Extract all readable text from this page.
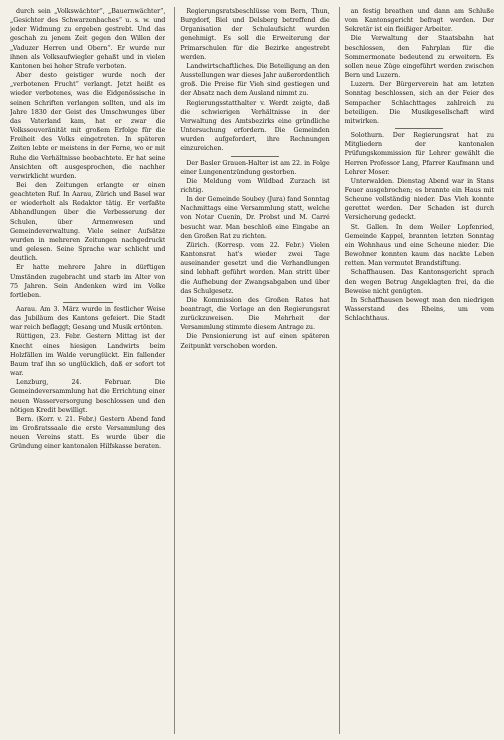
durch sein „Volkswächter“, „Bauernwächter“, „Gesichter des Schwarzenbaches“ u. s. w. und jeder Widmung zu ergeben gestrebt. Und das geschah zu jenem Zeit gegen den Willen der „Vaduzer Herren und Obern“. Er wurde nur ihnen als Volksaufwiegler gehaßt und in vielen Kantonen bei hoher Strafe verboten.

Aber desto geistiger wurde noch der „verbotenen Frucht“ verlangt. Jetzt heißt es wieder verbotenes, was die Eidgenössische in seinen Schriften verlangen sollten, und als im Jahre 1830 der Geist des Umschwunges über das Vaterland kam, hat er zwar die Volkssouveränität mit großem Erfolge für die Freiheit des Volks eingetreten. In späteren Zeiten lebte er meistens in der Ferne, wo er mit Ruhe die Verhältnisse beobachtete. Er hat seine Ansichten oft ausgesprochen, die nachher verwirklicht wurden.

Bei den Zeitungen erlangte er einen geachteten Ruf. In Aarau, Zürich und Basel war er wiederholt als Redaktor tätig. Er verfaßte Abhandlungen über die Verbesserung der Schulen, über Armenwesen und Gemeindeverwaltung. Viele seiner Aufsätze wurden in mehreren Zeitungen nachgedruckt und gelesen. Seine Sprache war schlicht und deutlich.

Er hatte mehrere Jahre in dürftigen Umständen zugebracht und starb im Alter von 75 Jahren. Sein Andenken wird im Volke fortleben.

Aarau. Am 3. März wurde in festlicher Weise das Jubiläum des Kantons gefeiert. Die Stadt war reich beflaggt; Gesang und Musik ertönten.

Rüttigen, 23. Febr. Gestern Mittag ist der Knecht eines hiesigen Landwirts beim Holzfällen im Walde verunglückt. Ein fallender Baum traf ihn so unglücklich, daß er sofort tot war.

Lenzburg, 24. Februar. Die Gemeindeversammlung hat die Errichtung einer neuen Wasserversorgung beschlossen und den nötigen Kredit bewilligt.

Bern. (Korr. v. 21. Febr.) Gestern Abend fand im Großratssaale die erste Versammlung des neuen Vereins statt. Es wurde über die Gründung einer kantonalen Hilfskasse beraten.

Regierungsratsbeschlüsse vom Bern, Thun, Burgdorf, Biel und Delsberg betreffend die Organisation der Schulaufsicht wurden genehmigt. Es soll die Erweiterung der Primarschulen für die Bezirke angestrebt werden.

Landwirtschaftliches. Die Beteiligung an den Ausstellungen war dieses Jahr außerordentlich groß. Die Preise für Vieh sind gestiegen und der Absatz nach dem Ausland nimmt zu.

Regierungsstatthalter v. Werdt zeigte, daß die schwierigen Verhältnisse in der Verwaltung des Amtsbezirks eine gründliche Untersuchung erfordern. Die Gemeinden wurden aufgefordert, ihre Rechnungen einzureichen.

Der Basler Grauen-Halter ist am 22. in Folge einer Lungenentzündung gestorben.

Die Meldung vom Wildbad Zurzach ist richtig.

In der Gemeinde Soubey (Jura) fand Sonntag Nachmittags eine Versammlung statt, welche von Notar Cuenin, Dr. Probst und M. Carré besucht war. Man beschloß eine Eingabe an den Großen Rat zu richten.

Zürich. (Korresp. vom 22. Febr.) Vielen Kantonsrat hat's wieder zwei Tage auseinander gesetzt und die Verhandlungen sind lebhaft geführt worden. Man stritt über die Aufhebung der Zwangsabgaben und über das Schulgesetz.

Die Kommission des Großen Rates hat beantragt, die Vorlage an den Regierungsrat zurückzuweisen. Die Mehrheit der Versammlung stimmte diesem Antrage zu.

Die Pensionierung ist auf einen späteren Zeitpunkt verschoben worden.

an festig breathen und dann am Schluße vom Kantonsgericht befragt werden. Der Sekretär ist ein fleißiger Arbeiter.

Die Verwaltung der Staatsbahn hat beschlossen, den Fahrplan für die Sommermonate bedeutend zu erweitern. Es sollen neue Züge eingeführt werden zwischen Bern und Luzern.

Luzern. Der Bürgerverein hat am letzten Sonntag beschlossen, sich an der Feier des Sempacher Schlachttages zahlreich zu beteiligen. Die Musikgesellschaft wird mitwirken.

Solothurn. Der Regierungsrat hat zu Mitgliedern der kantonalen Prüfungskommission für Lehrer gewählt die Herren Professor Lang, Pfarrer Kaufmann und Lehrer Moser.

Unterwalden. Dienstag Abend war in Stans Feuer ausgebrochen; es brannte ein Haus mit Scheune vollständig nieder. Das Vieh konnte gerettet werden. Der Schaden ist durch Versicherung gedeckt.

St. Gallen. In dem Weiler Lopfenried, Gemeinde Kappel, brannten letzten Sonntag ein Wohnhaus und eine Scheune nieder. Die Bewohner konnten kaum das nackte Leben retten. Man vermutet Brandstiftung.

Schaffhausen. Das Kantonsgericht sprach den wegen Betrug Angeklagten frei, da die Beweise nicht genügten.

In Schaffhausen bewegt man den niedrigen Wasserstand des Rheins, um vom Schlachthaus.
